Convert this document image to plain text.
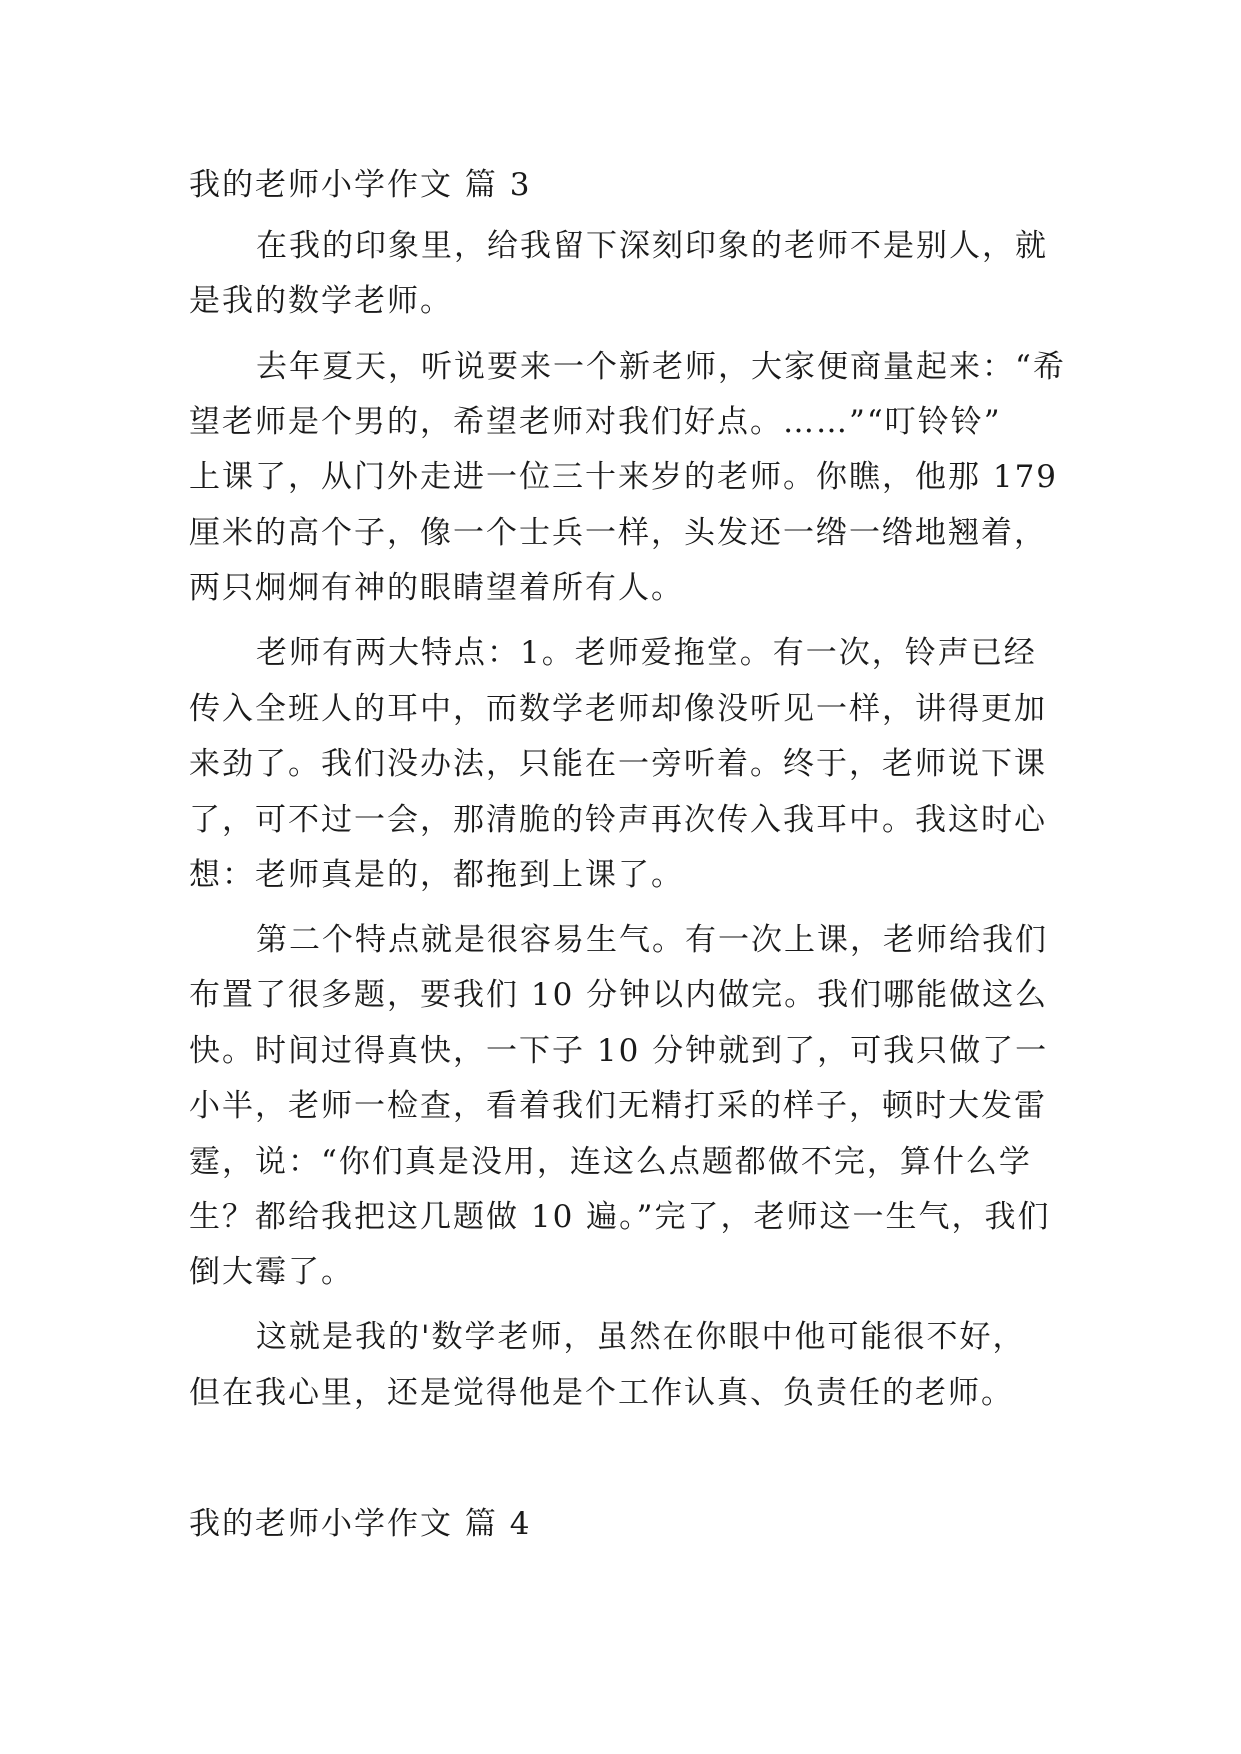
我的老师小学作文 篇 3
在我的印象里，给我留下深刻印象的老师不是别人，就
是我的数学老师。
去年夏天，听说要来一个新老师，大家便商量起来：“希
望老师是个男的，希望老师对我们好点。……”“叮铃铃”
上课了，从门外走进一位三十来岁的老师。你瞧，他那 179
厘米的高个子，像一个士兵一样，头发还一绺一绺地翘着，
两只炯炯有神的眼睛望着所有人。
老师有两大特点：1。老师爱拖堂。有一次，铃声已经
传入全班人的耳中，而数学老师却像没听见一样，讲得更加
来劲了。我们没办法，只能在一旁听着。终于，老师说下课
了，可不过一会，那清脆的铃声再次传入我耳中。我这时心
想：老师真是的，都拖到上课了。
第二个特点就是很容易生气。有一次上课，老师给我们
布置了很多题，要我们 10 分钟以内做完。我们哪能做这么
快。时间过得真快，一下子 10 分钟就到了，可我只做了一
小半，老师一检查，看着我们无精打采的样子，顿时大发雷
霆，说：“你们真是没用，连这么点题都做不完，算什么学
生？都给我把这几题做 10 遍。”完了，老师这一生气，我们
倒大霉了。
这就是我的'数学老师，虽然在你眼中他可能很不好，
但在我心里，还是觉得他是个工作认真、负责任的老师。
我的老师小学作文 篇 4
